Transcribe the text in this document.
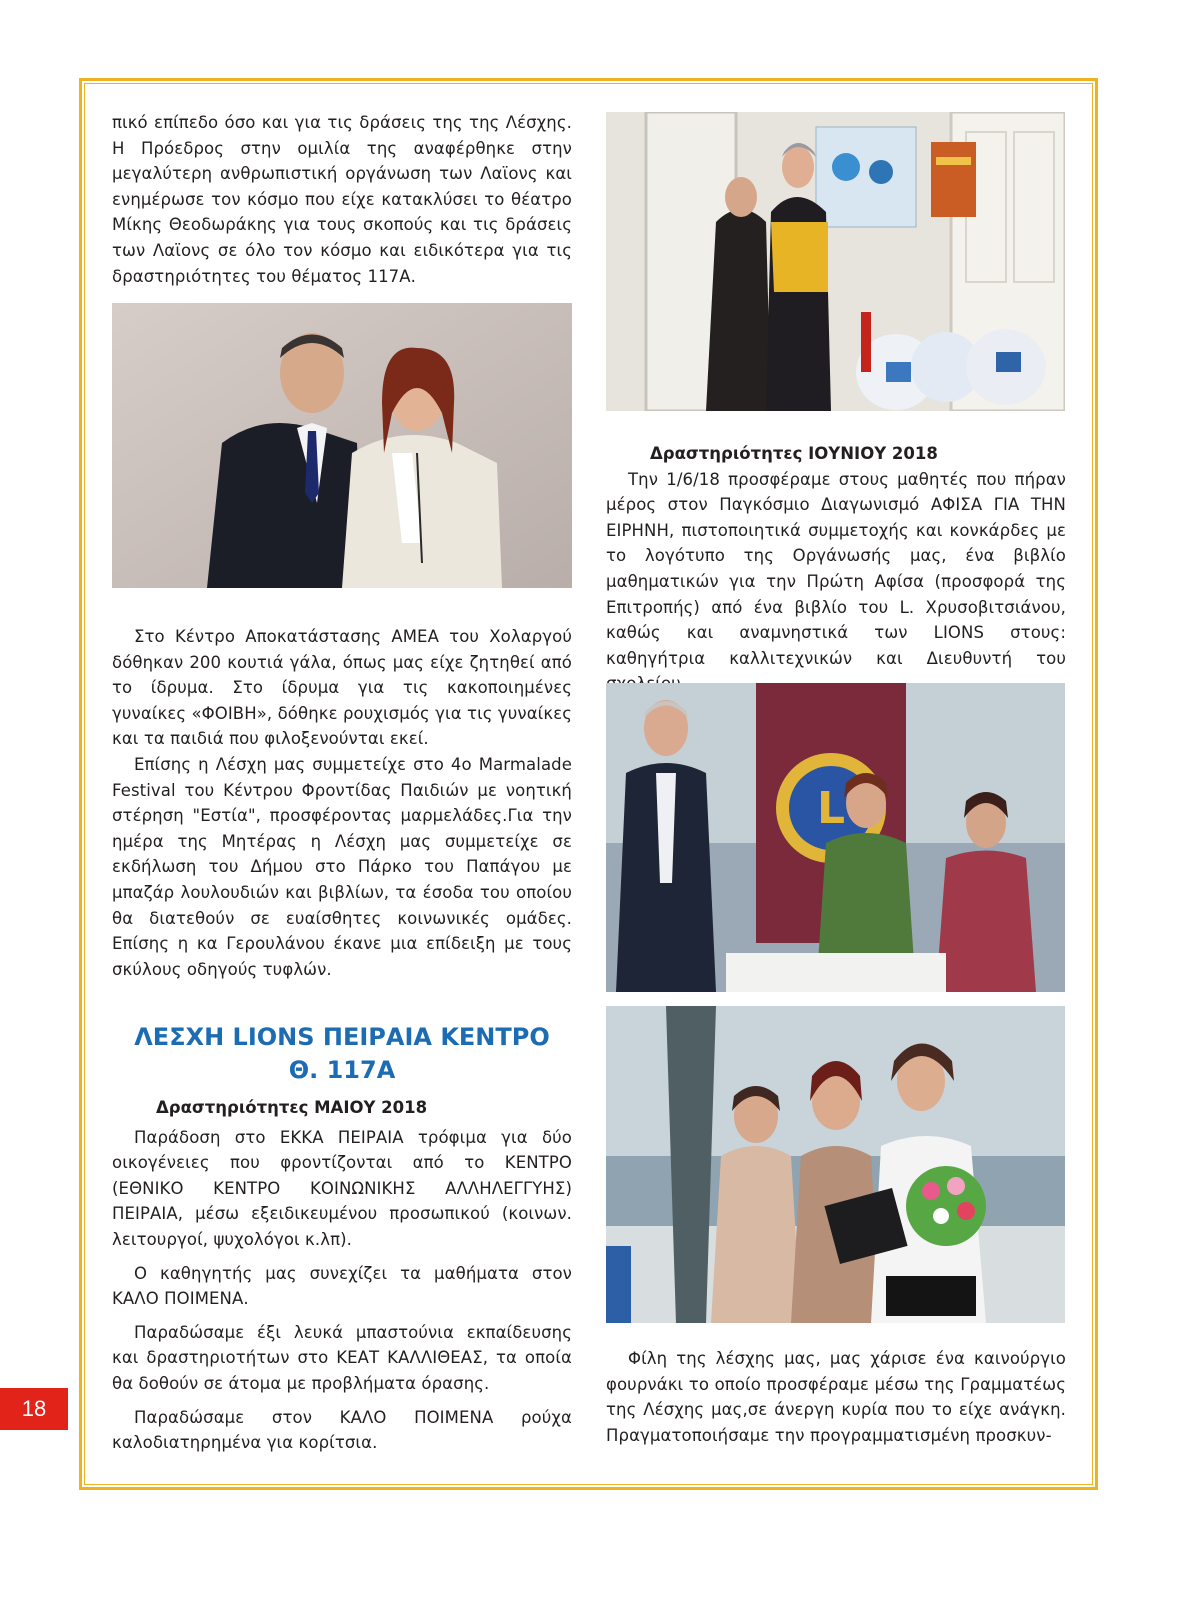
πικό επίπεδο όσο και για τις δράσεις της της Λέσχης. Η Πρόεδρος στην ομιλία της αναφέρθηκε στην μεγαλύτερη ανθρωπιστική οργάνωση των Λαϊονς και ενημέρωσε τον κόσμο που είχε κατακλύσει το θέατρο Μίκης Θεοδωράκης για τους σκοπούς και τις δράσεις των Λαϊονς σε όλο τον κόσμο και ειδικότερα για τις δραστηριότητες του θέματος 117Α.

Στο Κέντρο Αποκατάστασης ΑΜΕΑ του Χολαργού δόθηκαν 200 κουτιά γάλα, όπως μας είχε ζητηθεί από το ίδρυμα. Στο ίδρυμα για τις κακοποιημένες γυναίκες «ΦΟΙΒΗ», δόθηκε ρουχισμός για τις γυναίκες και τα παιδιά που φιλοξενούνται εκεί.

Επίσης η Λέσχη μας συμμετείχε στο 4ο Marmalade Festival του Κέντρου Φροντίδας Παιδιών με νοητική στέρηση "Εστία", προσφέροντας μαρμελάδες.Για την ημέρα της Μητέρας η Λέσχη μας συμμετείχε σε εκδήλωση του Δήμου στο Πάρκο του Παπάγου με μπαζάρ λουλουδιών και βιβλίων, τα έσοδα του οποίου θα διατεθούν σε ευαίσθητες κοινωνικές ομάδες. Επίσης η κα Γερουλάνου έκανε μια επίδειξη με τους σκύλους οδηγούς τυφλών.

ΛΕΣΧΗ LIONS ΠΕΙΡΑΙΑ ΚΕΝΤΡΟ

Θ. 117Α

Δραστηριότητες ΜΑΙΟΥ 2018

Παράδοση στο ΕΚΚΑ ΠΕΙΡΑΙΑ τρόφιμα για δύο οικογένειες που φροντίζονται από το ΚΕΝΤΡΟ (ΕΘΝΙΚΟ ΚΕΝΤΡΟ ΚΟΙΝΩΝΙΚΗΣ ΑΛΛΗΛΕΓΓΥΗΣ) ΠΕΙΡΑΙΑ, μέσω εξειδικευμένου προσωπικού (κοινων. λειτουργοί, ψυχολόγοι κ.λπ).

Ο καθηγητής μας συνεχίζει τα μαθήματα στον ΚΑΛΟ ΠΟΙΜΕΝΑ.

Παραδώσαμε έξι λευκά μπαστούνια εκπαίδευσης και δραστηριοτήτων στο ΚΕΑΤ ΚΑΛΛΙΘΕΑΣ, τα οποία θα δοθούν σε άτομα με προβλήματα όρασης.

Παραδώσαμε στον ΚΑΛΟ ΠΟΙΜΕΝΑ ρούχα καλοδιατηρημένα για κορίτσια.

Δραστηριότητες ΙΟΥΝΙΟΥ 2018

Την 1/6/18 προσφέραμε στους μαθητές που πήραν μέρος στον Παγκόσμιο Διαγωνισμό ΑΦΙΣΑ ΓΙΑ ΤΗΝ ΕΙΡΗΝΗ, πιστοποιητικά συμμετοχής και κονκάρδες με το λογότυπο της Οργάνωσής μας, ένα βιβλίο μαθηματικών για την Πρώτη Αφίσα (προσφορά της Επιτροπής) από ένα βιβλίο του L. Χρυσοβιτσιάνου, καθώς και αναμνηστικά των LIONS στους: καθηγήτρια καλλιτεχνικών και Διευθυντή του

L

Φίλη της λέσχης μας, μας χάρισε ένα καινούργιο φουρνάκι το οποίο προσφέραμε μέσω της Γραμματέως της Λέσχης μας,σε άνεργη κυρία που το είχε ανάγκη. Πραγματοποιήσαμε την προγραμματισμένη προσκυν-

18
